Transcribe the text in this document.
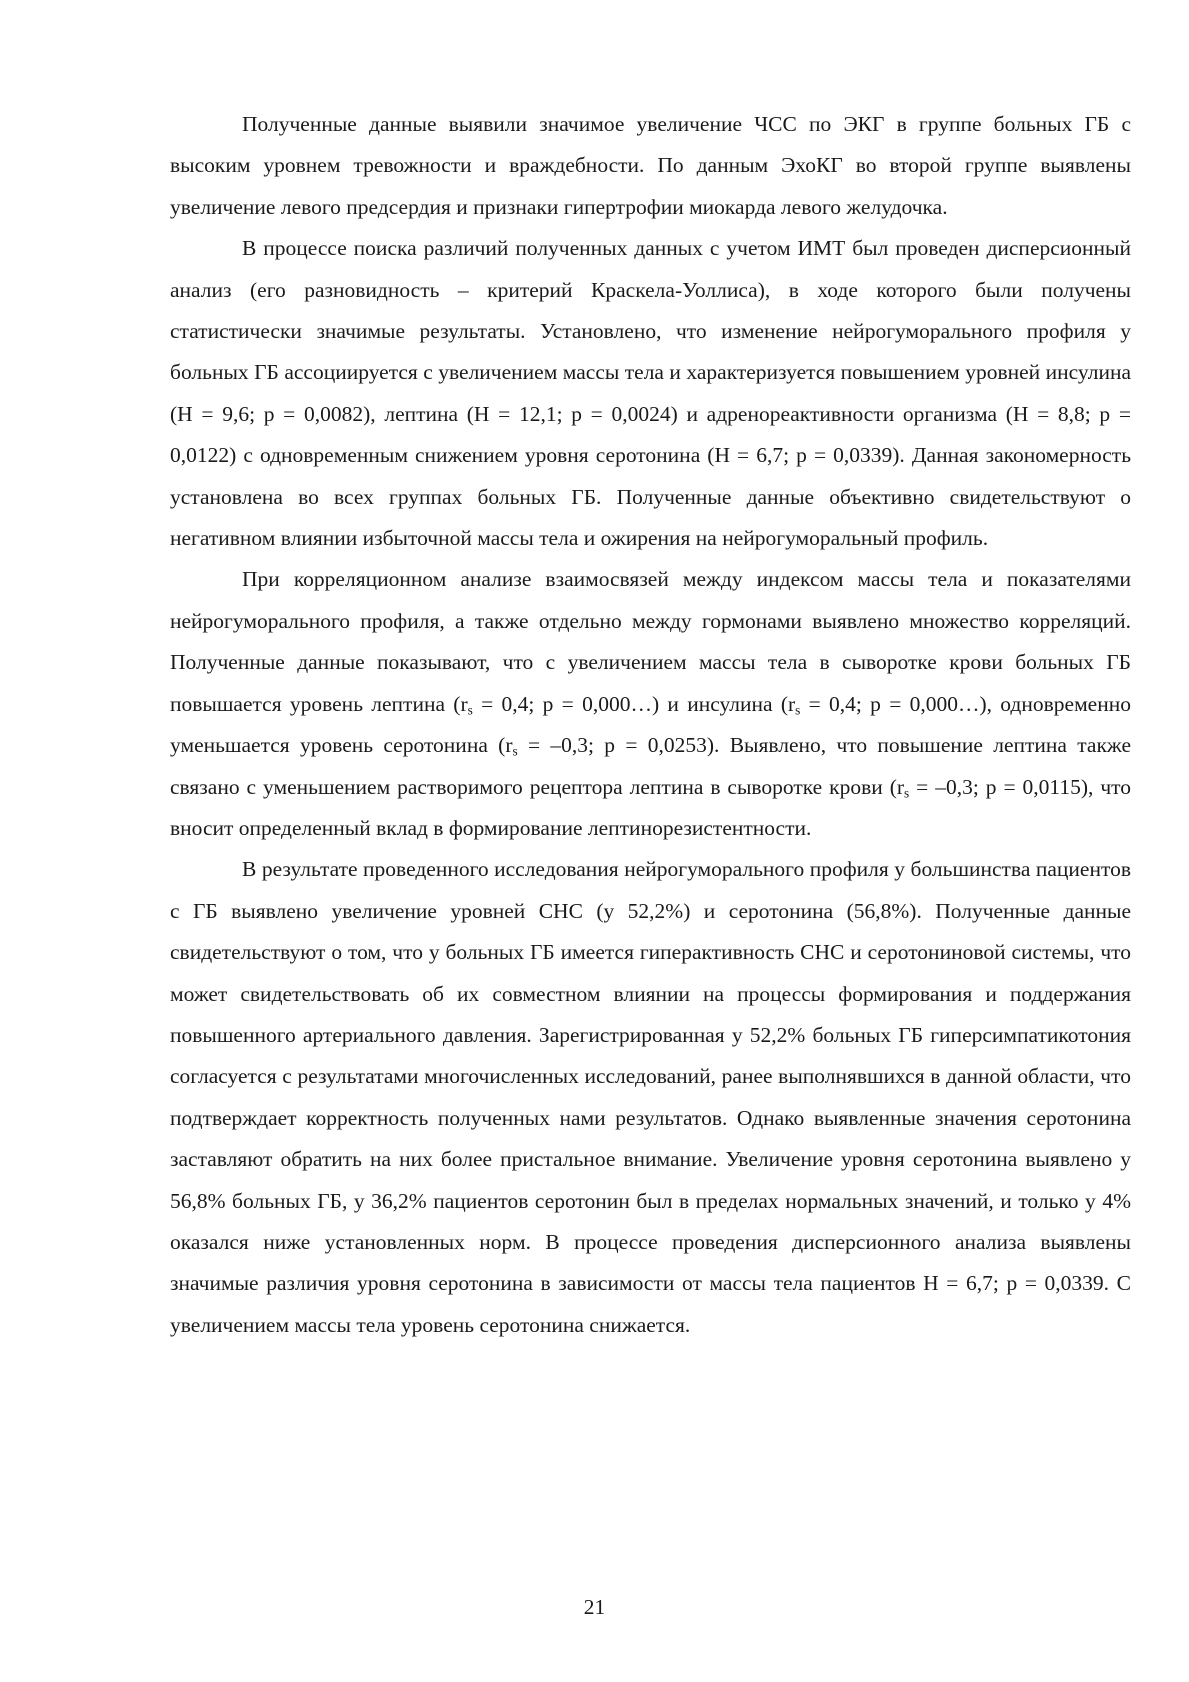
Полученные данные выявили значимое увеличение ЧСС по ЭКГ в группе больных ГБ с высоким уровнем тревожности и враждебности. По данным ЭхоКГ во второй группе выявлены увеличение левого предсердия и признаки гипертрофии миокарда левого желудочка.

В процессе поиска различий полученных данных с учетом ИМТ был проведен дисперсионный анализ (его разновидность – критерий Краскела-Уоллиса), в ходе которого были получены статистически значимые результаты. Установлено, что изменение нейрогуморального профиля у больных ГБ ассоциируется с увеличением массы тела и характеризуется повышением уровней инсулина (H = 9,6; p = 0,0082), лептина (H = 12,1; p = 0,0024) и адренореактивности организма (H = 8,8; p = 0,0122) с одновременным снижением уровня серотонина (H = 6,7; p = 0,0339). Данная закономерность установлена во всех группах больных ГБ. Полученные данные объективно свидетельствуют о негативном влиянии избыточной массы тела и ожирения на нейрогуморальный профиль.

При корреляционном анализе взаимосвязей между индексом массы тела и показателями нейрогуморального профиля, а также отдельно между гормонами выявлено множество корреляций. Полученные данные показывают, что с увеличением массы тела в сыворотке крови больных ГБ повышается уровень лептина ($r_s = 0,4$; p = 0,000…) и инсулина ($r_s = 0,4$; p = 0,000…), одновременно уменьшается уровень серотонина ($r_s = -0,3$; p = 0,0253). Выявлено, что повышение лептина также связано с уменьшением растворимого рецептора лептина в сыворотке крови ($r_s = -0,3$; p = 0,0115), что вносит определенный вклад в формирование лептинорезистентности.

В результате проведенного исследования нейрогуморального профиля у большинства пациентов с ГБ выявлено увеличение уровней СНС (у 52,2%) и серотонина (56,8%). Полученные данные свидетельствуют о том, что у больных ГБ имеется гиперактивность СНС и серотониновой системы, что может свидетельствовать об их совместном влиянии на процессы формирования и поддержания повышенного артериального давления. Зарегистрированная у 52,2% больных ГБ гиперсимпатикотония согласуется с результатами многочисленных исследований, ранее выполнявшихся в данной области, что подтверждает корректность полученных нами результатов. Однако выявленные значения серотонина заставляют обратить на них более пристальное внимание. Увеличение уровня серотонина выявлено у 56,8% больных ГБ, у 36,2% пациентов серотонин был в пределах нормальных значений, и только у 4% оказался ниже установленных норм. В процессе проведения дисперсионного анализа выявлены значимые различия уровня серотонина в зависимости от массы тела пациентов H = 6,7; p = 0,0339. С увеличением массы тела уровень серотонина снижается.

21
